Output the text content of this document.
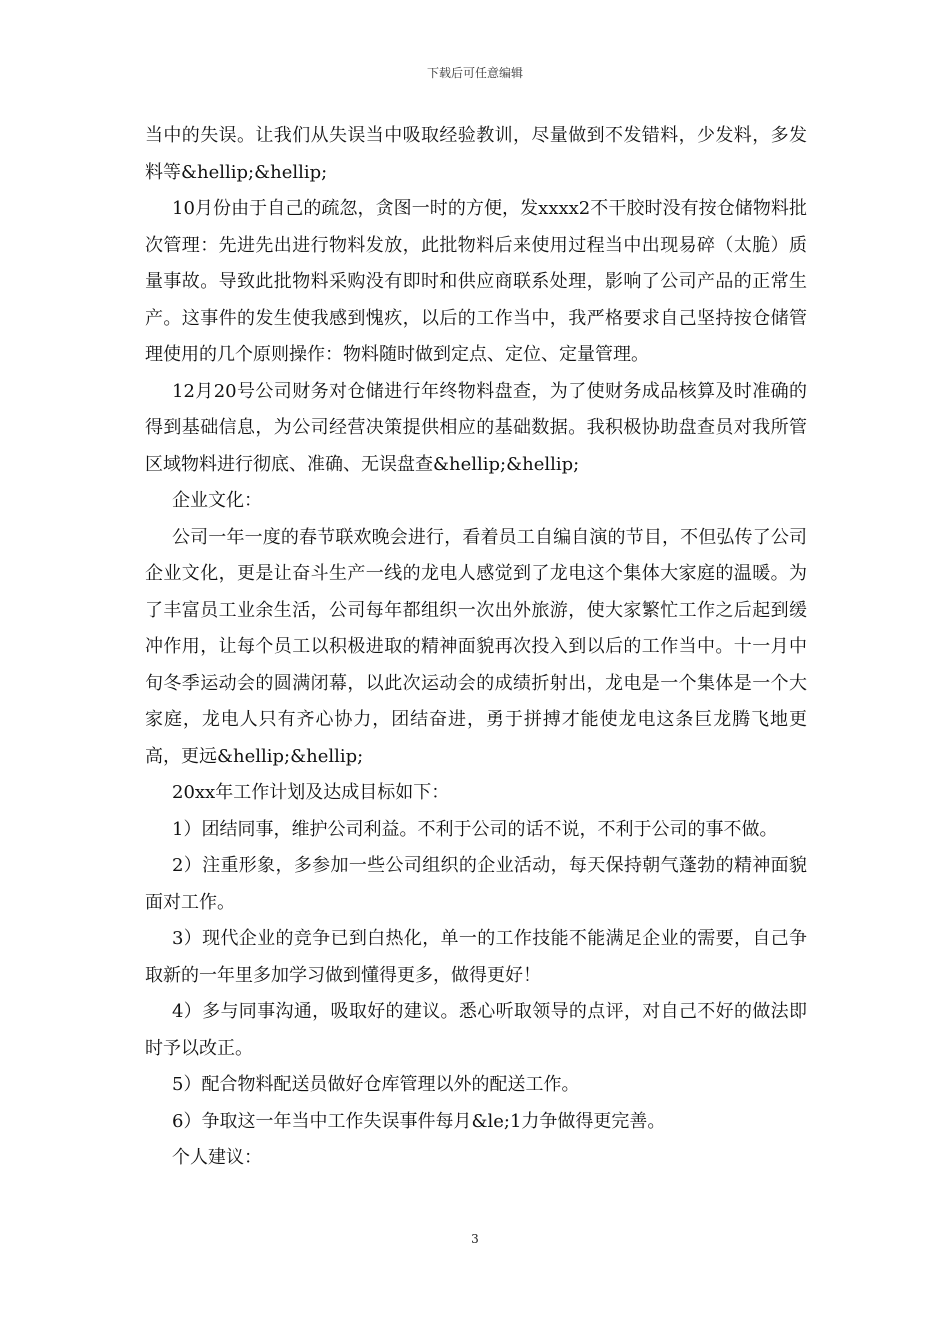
下载后可任意编辑

当中的失误。让我们从失误当中吸取经验教训，尽量做到不发错料，少发料，多发料等&hellip;&hellip;

10月份由于自己的疏忽，贪图一时的方便，发xxxx2不干胶时没有按仓储物料批次管理：先进先出进行物料发放，此批物料后来使用过程当中出现易碎（太脆）质量事故。导致此批物料采购没有即时和供应商联系处理，影响了公司产品的正常生产。这事件的发生使我感到愧疚，以后的工作当中，我严格要求自己坚持按仓储管理使用的几个原则操作：物料随时做到定点、定位、定量管理。

12月20号公司财务对仓储进行年终物料盘查，为了使财务成品核算及时准确的得到基础信息，为公司经营决策提供相应的基础数据。我积极协助盘查员对我所管区域物料进行彻底、准确、无误盘查&hellip;&hellip;

企业文化：

公司一年一度的春节联欢晚会进行，看着员工自编自演的节目，不但弘传了公司企业文化，更是让奋斗生产一线的龙电人感觉到了龙电这个集体大家庭的温暖。为了丰富员工业余生活，公司每年都组织一次出外旅游，使大家繁忙工作之后起到缓冲作用，让每个员工以积极进取的精神面貌再次投入到以后的工作当中。十一月中旬冬季运动会的圆满闭幕，以此次运动会的成绩折射出，龙电是一个集体是一个大家庭，龙电人只有齐心协力，团结奋进，勇于拼搏才能使龙电这条巨龙腾飞地更高，更远&hellip;&hellip;

20xx年工作计划及达成目标如下：

1）团结同事，维护公司利益。不利于公司的话不说，不利于公司的事不做。

2）注重形象，多参加一些公司组织的企业活动，每天保持朝气蓬勃的精神面貌面对工作。

3）现代企业的竞争已到白热化，单一的工作技能不能满足企业的需要，自己争取新的一年里多加学习做到懂得更多，做得更好！

4）多与同事沟通，吸取好的建议。悉心听取领导的点评，对自己不好的做法即时予以改正。

5）配合物料配送员做好仓库管理以外的配送工作。

6）争取这一年当中工作失误事件每月&le;1力争做得更完善。

个人建议：

3
